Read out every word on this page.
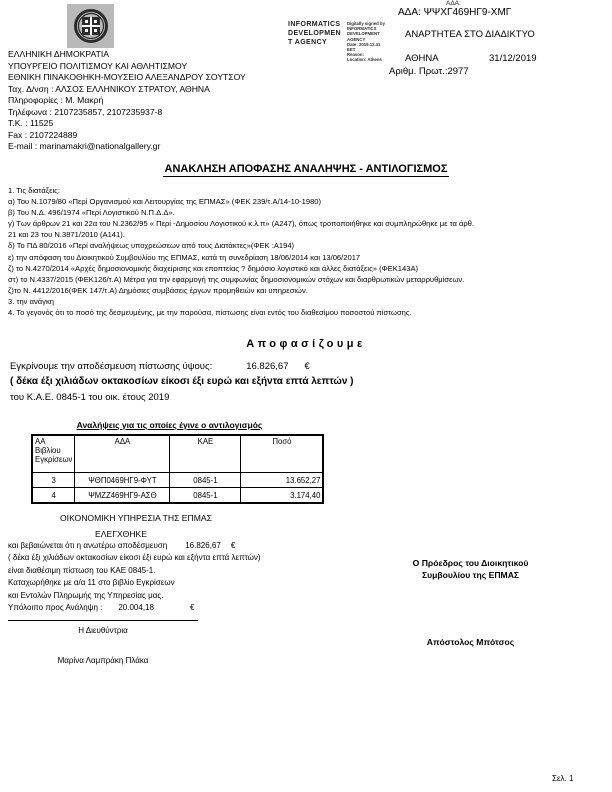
ΕΛΛΗΝΙΚΗ ΔΗΜΟΚΡΑΤΙΑ
ΥΠΟΥΡΓΕΙΟ ΠΟΛΙΤΙΣΜΟΥ ΚΑΙ ΑΘΛΗΤΙΣΜΟΥ
ΕΘΝΙΚΗ ΠΙΝΑΚΟΘΗΚΗ-ΜΟΥΣΕΙΟ ΑΛΕΞΑΝΔΡΟΥ ΣΟΥΤΣΟΥ
Ταχ. Δ/νση : ΑΛΣΟΣ ΕΛΛΗΝΙΚΟΥ ΣΤΡΑΤΟΥ, ΑΘΗΝΑ
Πληροφορίες : Μ. Μακρή
Τηλέφωνα : 2107235857, 2107235937-8
Τ.Κ. : 11525
Fax : 2107224889
E-mail : marinamakri@nationalgallery.gr
ΑΔΑ:
ΑΔΑ: ΨΨΧΓ469ΗΓ9-ΧΜΓ
INFORMATICS
DEVELOPMEN
T AGENCY
Digitally signed by
INFORMATICS
DEVELOPMENT AGENCY
Date: 2019.12.31
EET
Reason:
Location: Athens
ΑΝΑΡΤΗΤΕΑ ΣΤΟ ΔΙΑΔΙΚΤΥΟ
ΑΘΗΝΑ	31/12/2019
Αριθμ. Πρωτ.:2977
ΑΝΑΚΛΗΣΗ ΑΠΟΦΑΣΗΣ ΑΝΑΛΗΨΗΣ - ΑΝΤΙΛΟΓΙΣΜΟΣ
1. Τις διατάξεις:
α) Του Ν.1079/80 «Περί Οργανισμού και Λειτουργίας της ΕΠΜΑΣ» (ΦΕΚ 239/τ.Α/14-10-1980)
β) Του Ν.Δ. 496/1974 «Περί Λογιστικού Ν.Π.Δ.Δ».
γ) Των άρθρων 21 και 22α του Ν.2362/95 « Περί -Δημοσίου Λογιστικού κ.λ.π» (Α247), όπως τροποποιήθηκε και συμπληρώθηκε με τα άρθ.
21 και 23 του Ν.3871/2010 (Α141).
δ) Το ΠΔ 80/2016 «Περί αναλήψεως υποχρεώσεων από τους Διατάκτες»(ΦΕΚ :Α194)
ε) την απόφαση του Διοικητικού Συμβουλίου της ΕΠΜΑΣ, κατά τη συνεδρίαση 18/06/2014 και 13/06/2017
ζ) το Ν.4270/2014 «Αρχές δημοσιονομικής διαχείρισης και εποπτείας ? δημόσιο λογιστικό και άλλες διατάξεις» (ΦΕΚ143Α)
στ) το Ν.4337/2015 (ΦΕΚ126/τ.Α) Μέτρα για την εφαρμογή της συμφωνίας δημοσιονομικών στόχων και διαρθρωτικών μεταρρυθμίσεων.
ζ)το Ν. 4412/2016(ΦΕΚ 147/τ.Α) Δημόσιες συμβάσεις έργων προμηθειών και υπηρεσιών.
3. την ανάγκη
4. Το γεγονός ότι το ποσό της δεσμευμένης, με την παρούσα, πίστωσης είναι εντός του διαθεσίμου ποσοστού πίστωσης.
Αποφασίζουμε
Εγκρίνουμε την αποδέσμευση πίστωσης ύψους:	16.826,67 €
( δέκα έξι χιλιάδων οκτακοσίων είκοσι έξι ευρώ και εξήντα επτά λεπτών )
του Κ.Α.Ε. 0845-1 του οικ. έτους 2019
Αναλήψεις για τις οποίες έγινε ο αντιλογισμός
ΑΑ Βιβλίου Εγκρίσεων	ΑΔΑ	ΚΑΕ	Ποσό
3	ΨΘΠ0469ΗΓ9-ΦΥΤ	0845-1	13.652,27
4	ΨΜΖΖ469ΗΓ9-ΑΣΘ	0845-1	3.174,40
ΟΙΚΟΝΟΜΙΚΗ ΥΠΗΡΕΣΙΑ ΤΗΣ ΕΠΜΑΣ
ΕΛΕΓΧΘΗΚΕ
και βεβαιώνεται ότι η ανωτέρω αποδέσμευση 16.826,67 €
( δέκα έξι χιλιάδων οκτακοσίων είκοσι έξι ευρώ και εξήντα επτά λεπτών)
είναι διαθέσιμη πίστωση του ΚΑΕ 0845-1.
Καταχωρήθηκε με α/α 11 στο βιβλίο Εγκρίσεων
και Εντολών Πληρωμής της Υπηρεσίας μας.
Υπόλοιπο προς Ανάληψη : 20.004,18	€
Η Διευθύντρια
Μαρίνα Λαμπράκη Πλάκα
Ο Πρόεδρος του Διοικητικού
Συμβουλίου της ΕΠΜΑΣ
Απόστολος Μπότσος
Σελ. 1
